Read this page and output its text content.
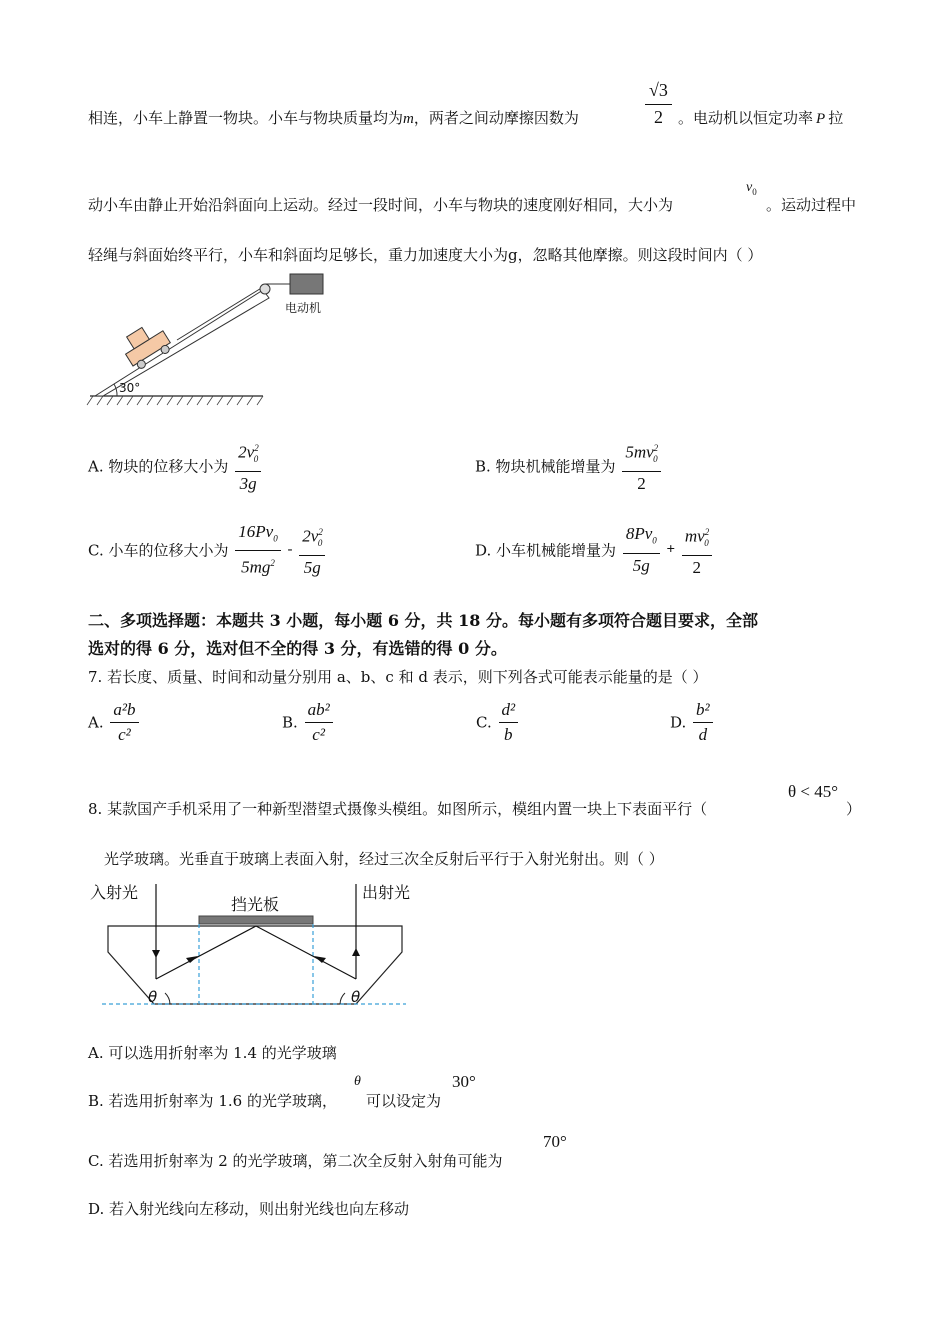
相连，小车上静置一物块。小车与物块质量均为m，两者之间动摩擦因数为	$\frac{√3}{2}$ 。电动机以恒定功率 P 拉
动小车由静止开始沿斜面向上运动。经过一段时间，小车与物块的速度刚好相同，大小为
$v_0$
。运动过程中
轻绳与斜面始终平行，小车和斜面均足够长，重力加速度大小为g，忽略其他摩擦。则这段时间内（ ）
30°
电动机
A. 物块的位移大小为 $\frac{2v^2_0}{3g}$	B. 物块机械能增量为 $\frac{5mv^2_0}{2}$
C. 小车的位移大小为 $\frac{16Pv_0}{5mg^2} - \frac{2v^2_0}{5g}$	D. 小车机械能增量为 $\frac{8Pv_0}{5g} + \frac{mv^2_0}{2}$
二、多项选择题：本题共 3 小题，每小题 6 分，共 18 分。每小题有多项符合题目要求，全部
选对的得 6 分，选对但不全的得 3 分，有选错的得 0 分。
7. 若长度、质量、时间和动量分别用 a、b、c 和 d 表示，则下列各式可能表示能量的是（ ）
A. $\frac{\text{a²b}}{\text{c²}}$	B. $\frac{\text{ab²}}{\text{c²}}$	C. $\frac{\text{d²}}{b}$	D. $\frac{\text{b²}}{d}$
8. 某款国产手机采用了一种新型潜望式摄像头模组。如图所示，模组内置一块上下表面平行（
θ < 45°
）
光学玻璃。光垂直于玻璃上表面入射，经过三次全反射后平行于入射光射出。则（ ）
入射光	出射光
挡光板
θ	θ
A. 可以选用折射率为 1.4 的光学玻璃
B. 若选用折射率为 1.6 的光学玻璃，
θ
可以设定为
30°
C. 若选用折射率为 2 的光学玻璃，第二次全反射入射角可能为
70°
D. 若入射光线向左移动，则出射光线也向左移动
